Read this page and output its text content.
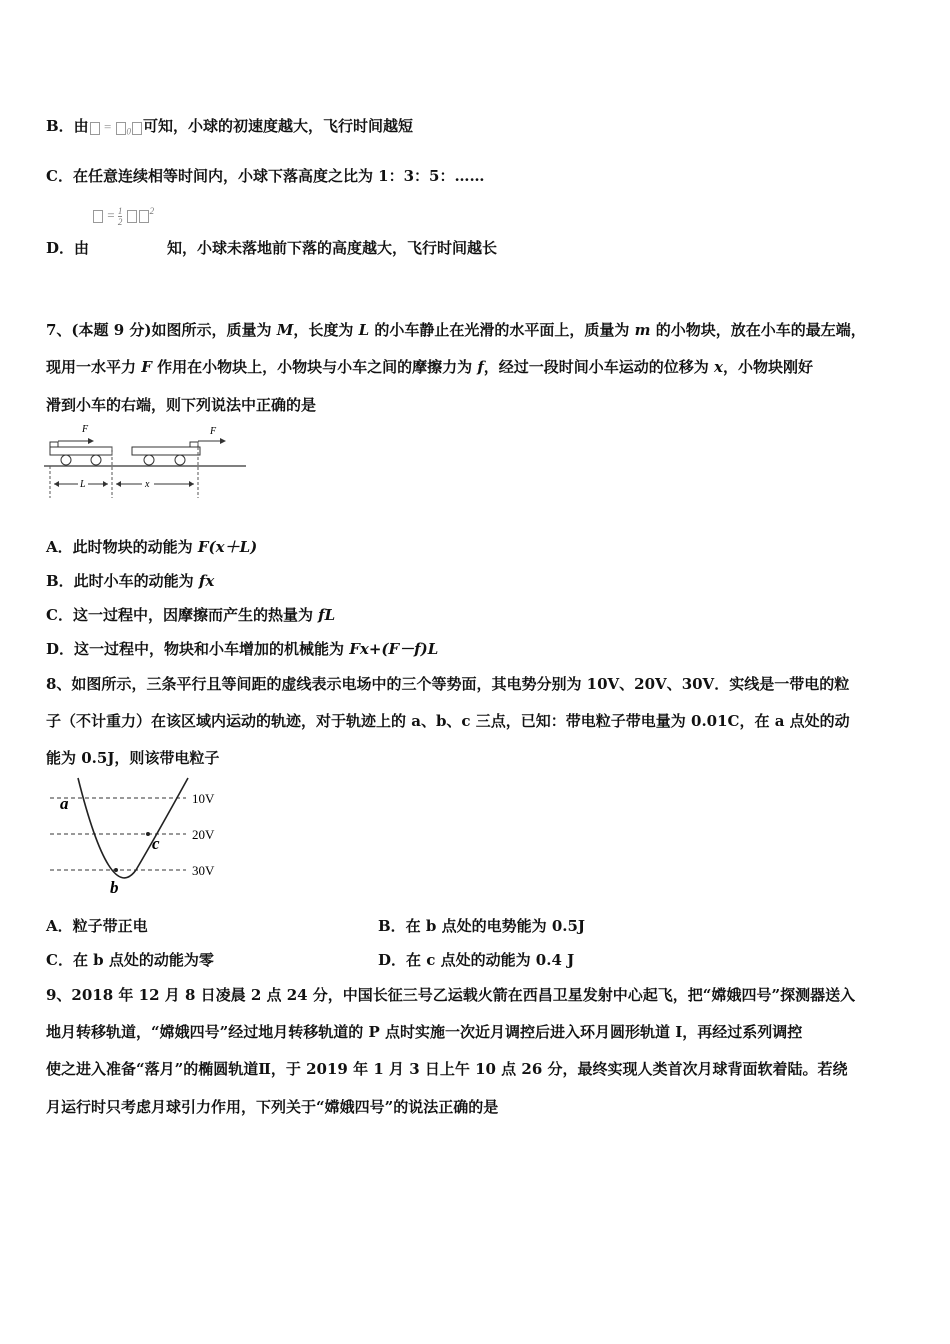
B．由 = $_0$ 可知，小球的初速度越大，飞行时间越短
C．在任意连续相等时间内，小球下落高度之比为 1：3：5：……
= $\frac{1}{2}$	$^2$
D．由	知，小球未落地前下落的高度越大，飞行时间越长
7、(本题 9 分)如图所示，质量为 M，长度为 L 的小车静止在光滑的水平面上，质量为 m 的小物块，放在小车的最左端，
现用一水平力 F 作用在小物块上，小物块与小车之间的摩擦力为 f，经过一段时间小车运动的位移为 x，小物块刚好
滑到小车的右端，则下列说法中正确的是
F	F
L	x
A．此时物块的动能为 F(x＋L)
B．此时小车的动能为 fx
C．这一过程中，因摩擦而产生的热量为 fL
D．这一过程中，物块和小车增加的机械能为 Fx+(F－f)L
8、如图所示，三条平行且等间距的虚线表示电场中的三个等势面，其电势分别为 10V、20V、30V．实线是一带电的粒
子（不计重力）在该区域内运动的轨迹，对于轨迹上的 a、b、c 三点，已知：带电粒子带电量为 0.01C，在 a 点处的动
能为 0.5J，则该带电粒子
10V
20V
30V
a
b
c
A．粒子带正电	B．在 b 点处的电势能为 0.5J
C．在 b 点处的动能为零	D．在 c 点处的动能为 0.4 J
9、2018 年 12 月 8 日凌晨 2 点 24 分，中国长征三号乙运载火箭在西昌卫星发射中心起飞，把“嫦娥四号”探测器送入
地月转移轨道，“嫦娥四号”经过地月转移轨道的 P 点时实施一次近月调控后进入环月圆形轨道 I，再经过系列调控
使之进入准备“落月”的椭圆轨道Ⅱ，于 2019 年 1 月 3 日上午 10 点 26 分，最终实现人类首次月球背面软着陆。若绕
月运行时只考虑月球引力作用，下列关于“嫦娥四号”的说法正确的是
